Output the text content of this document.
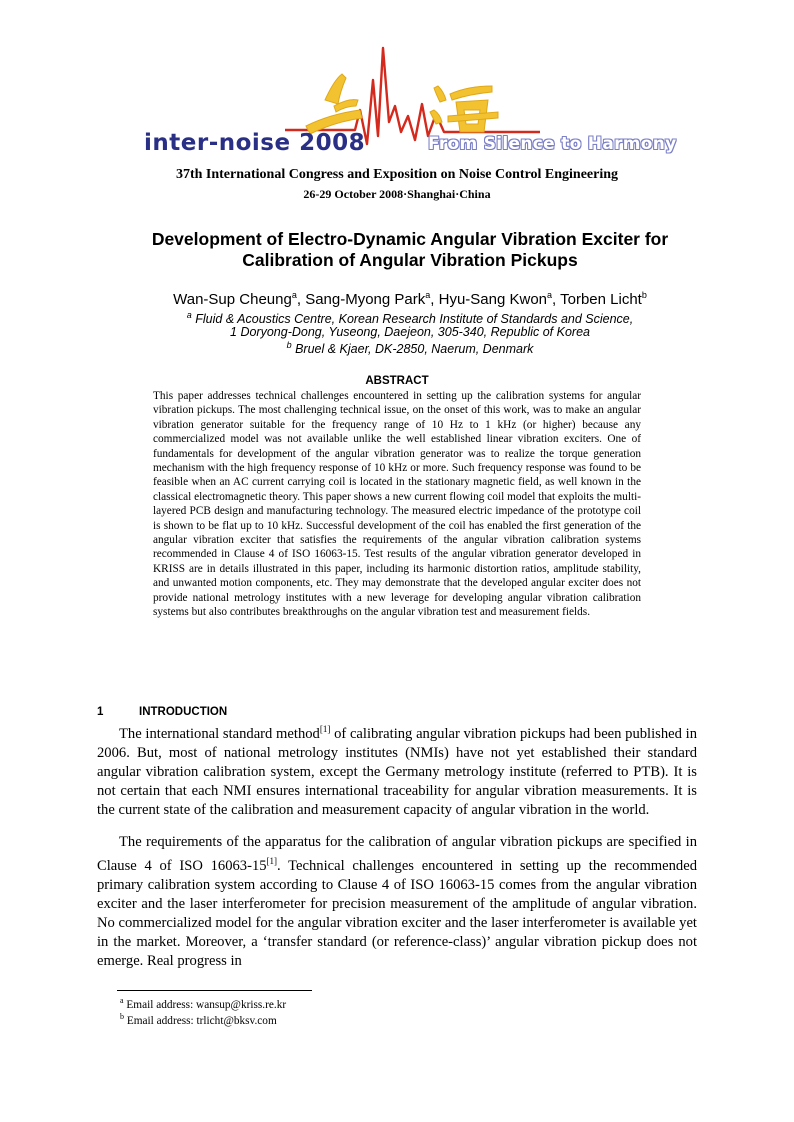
inter-noise 2008	From Silence to Harmony
37th International Congress and Exposition on Noise Control Engineering
26-29 October 2008·Shanghai·China
Development of Electro-Dynamic Angular Vibration Exciter for
Calibration of Angular Vibration Pickups
Wan-Sup Cheung$^a$, Sang-Myong Park$^a$, Hyu-Sang Kwon$^a$, Torben Licht$^b$
$^a$ Fluid & Acoustics Centre, Korean Research Institute of Standards and Science,
1 Doryong-Dong, Yuseong, Daejeon, 305-340, Republic of Korea
$^b$ Bruel & Kjaer, DK-2850, Naerum, Denmark
ABSTRACT
This paper addresses technical challenges encountered in setting up the calibration systems for angular vibration pickups. The most challenging technical issue, on the onset of this work, was to make an angular vibration generator suitable for the frequency range of 10 Hz to 1 kHz (or higher) because any commercialized model was not available unlike the well established linear vibration exciters. One of fundamentals for development of the angular vibration generator was to realize the torque generation mechanism with the high frequency response of 10 kHz or more. Such frequency response was found to be feasible when an AC current carrying coil is located in the stationary magnetic field, as well known in the classical electromagnetic theory. This paper shows a new current flowing coil model that exploits the multi-layered PCB design and manufacturing technology. The measured electric impedance of the prototype coil is shown to be flat up to 10 kHz. Successful development of the coil has enabled the first generation of the angular vibration exciter that satisfies the requirements of the angular vibration calibration systems recommended in Clause 4 of ISO 16063-15. Test results of the angular vibration generator developed in KRISS are in details illustrated in this paper, including its harmonic distortion ratios, amplitude stability, and unwanted motion components, etc. They may demonstrate that the developed angular exciter does not provide national metrology institutes with a new leverage for developing angular vibration calibration systems but also contributes breakthroughs on the angular vibration test and measurement fields.
1	INTRODUCTION
The international standard method[1] of calibrating angular vibration pickups had been published in 2006. But, most of national metrology institutes (NMIs) have not yet established their standard angular vibration calibration system, except the Germany metrology institute (referred to PTB). It is not certain that each NMI ensures international traceability for angular vibration measurements. It is the current state of the calibration and measurement capacity of angular vibration in the world.
The requirements of the apparatus for the calibration of angular vibration pickups are specified in Clause 4 of ISO 16063-15[1]. Technical challenges encountered in setting up the recommended primary calibration system according to Clause 4 of ISO 16063-15 comes from the angular vibration exciter and the laser interferometer for precision measurement of the amplitude of angular vibration. No commercialized model for the angular vibration exciter and the laser interferometer is available yet in the market. Moreover, a ‘transfer standard (or reference-class)’ angular vibration pickup does not emerge. Real progress in
$^a$ Email address: wansup@kriss.re.kr
$^b$ Email address: trlicht@bksv.com
